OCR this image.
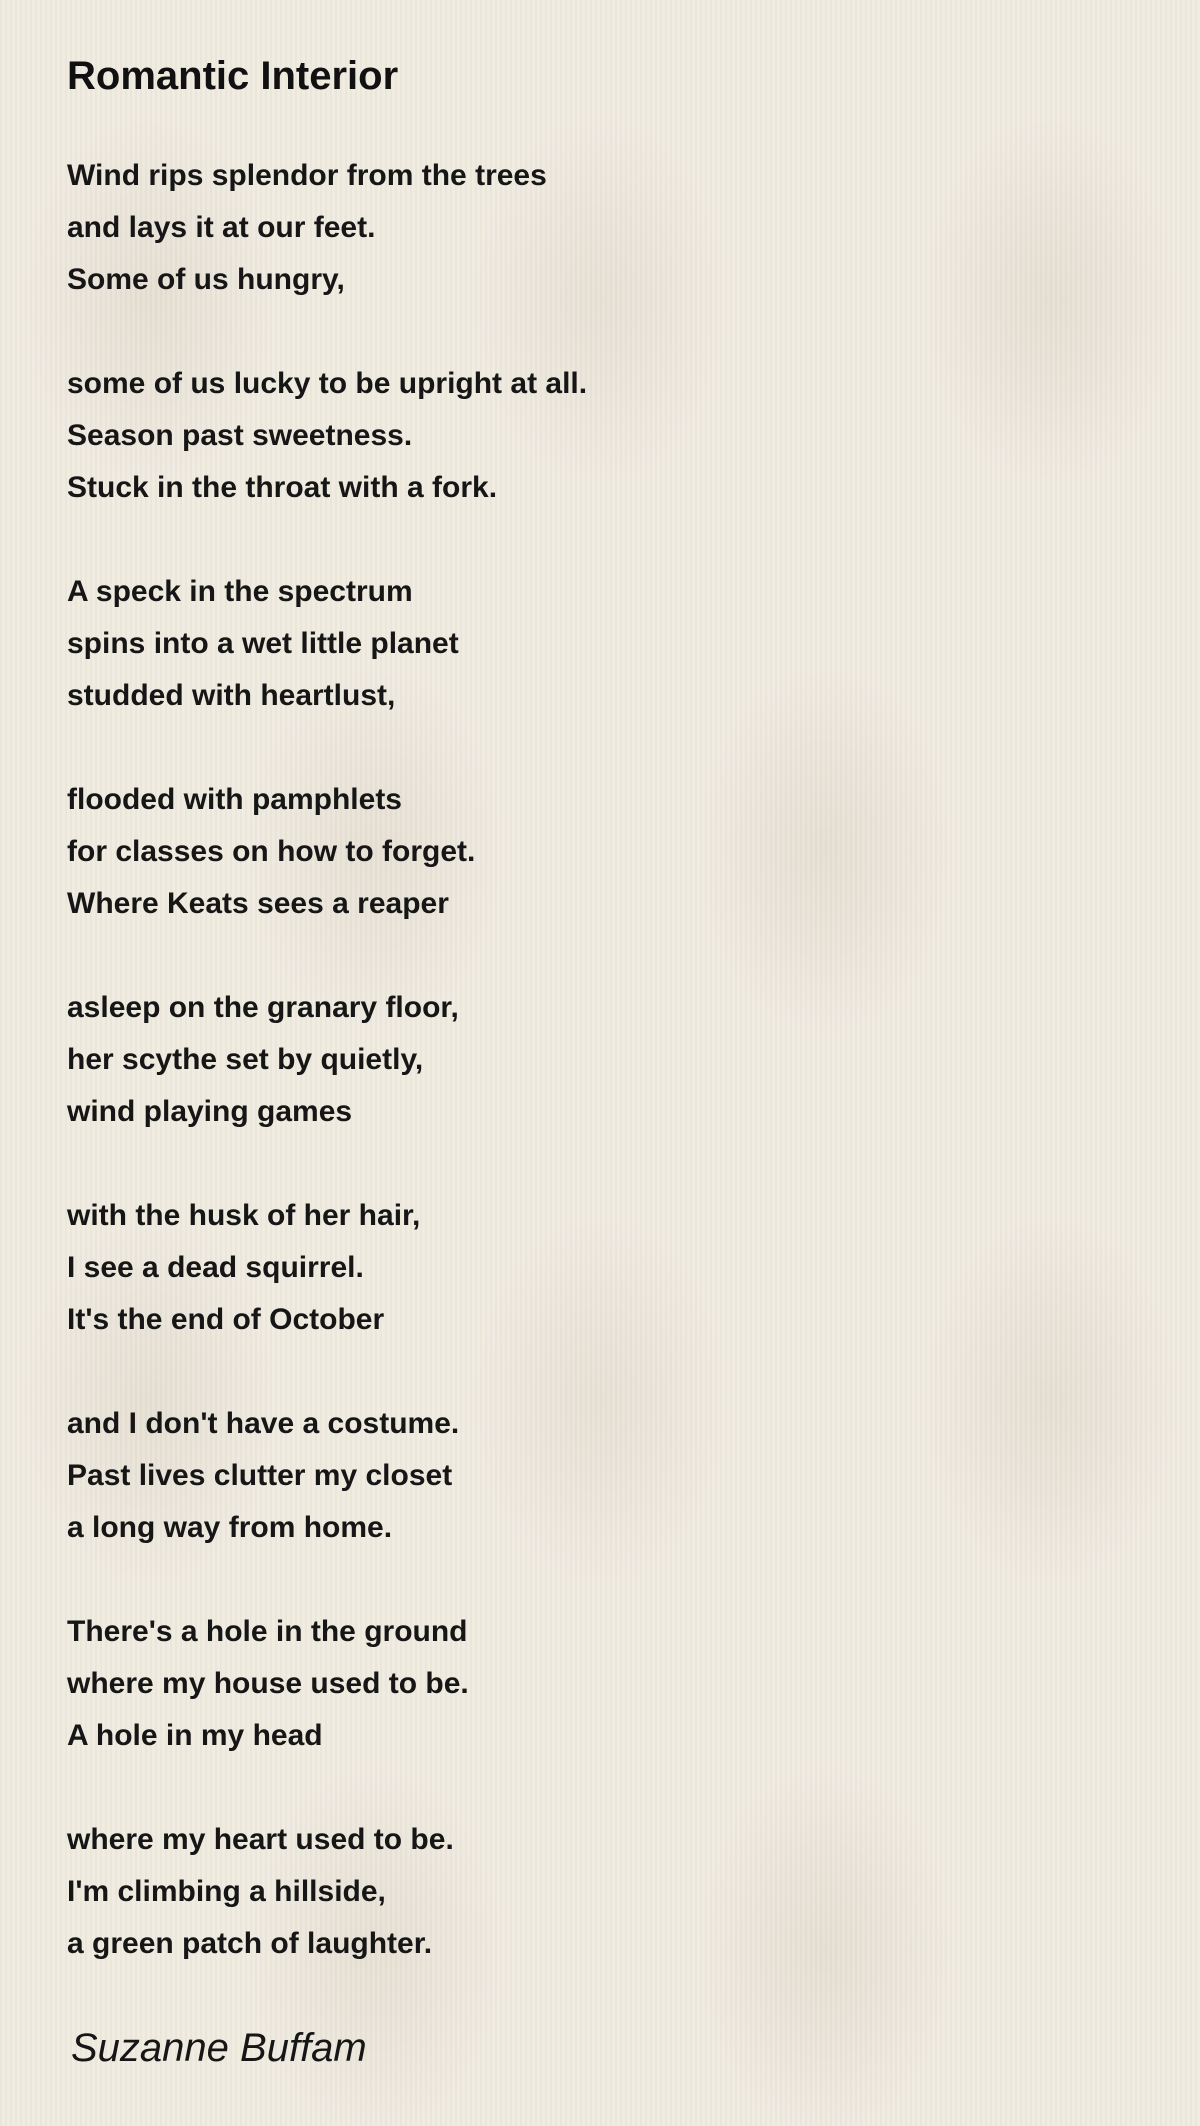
Romantic Interior
Wind rips splendor from the trees
and lays it at our feet.
Some of us hungry,
some of us lucky to be upright at all.
Season past sweetness.
Stuck in the throat with a fork.
A speck in the spectrum
spins into a wet little planet
studded with heartlust,
flooded with pamphlets
for classes on how to forget.
Where Keats sees a reaper
asleep on the granary floor,
her scythe set by quietly,
wind playing games
with the husk of her hair,
I see a dead squirrel.
It's the end of October
and I don't have a costume.
Past lives clutter my closet
a long way from home.
There's a hole in the ground
where my house used to be.
A hole in my head
where my heart used to be.
I'm climbing a hillside,
a green patch of laughter.
Suzanne Buffam
